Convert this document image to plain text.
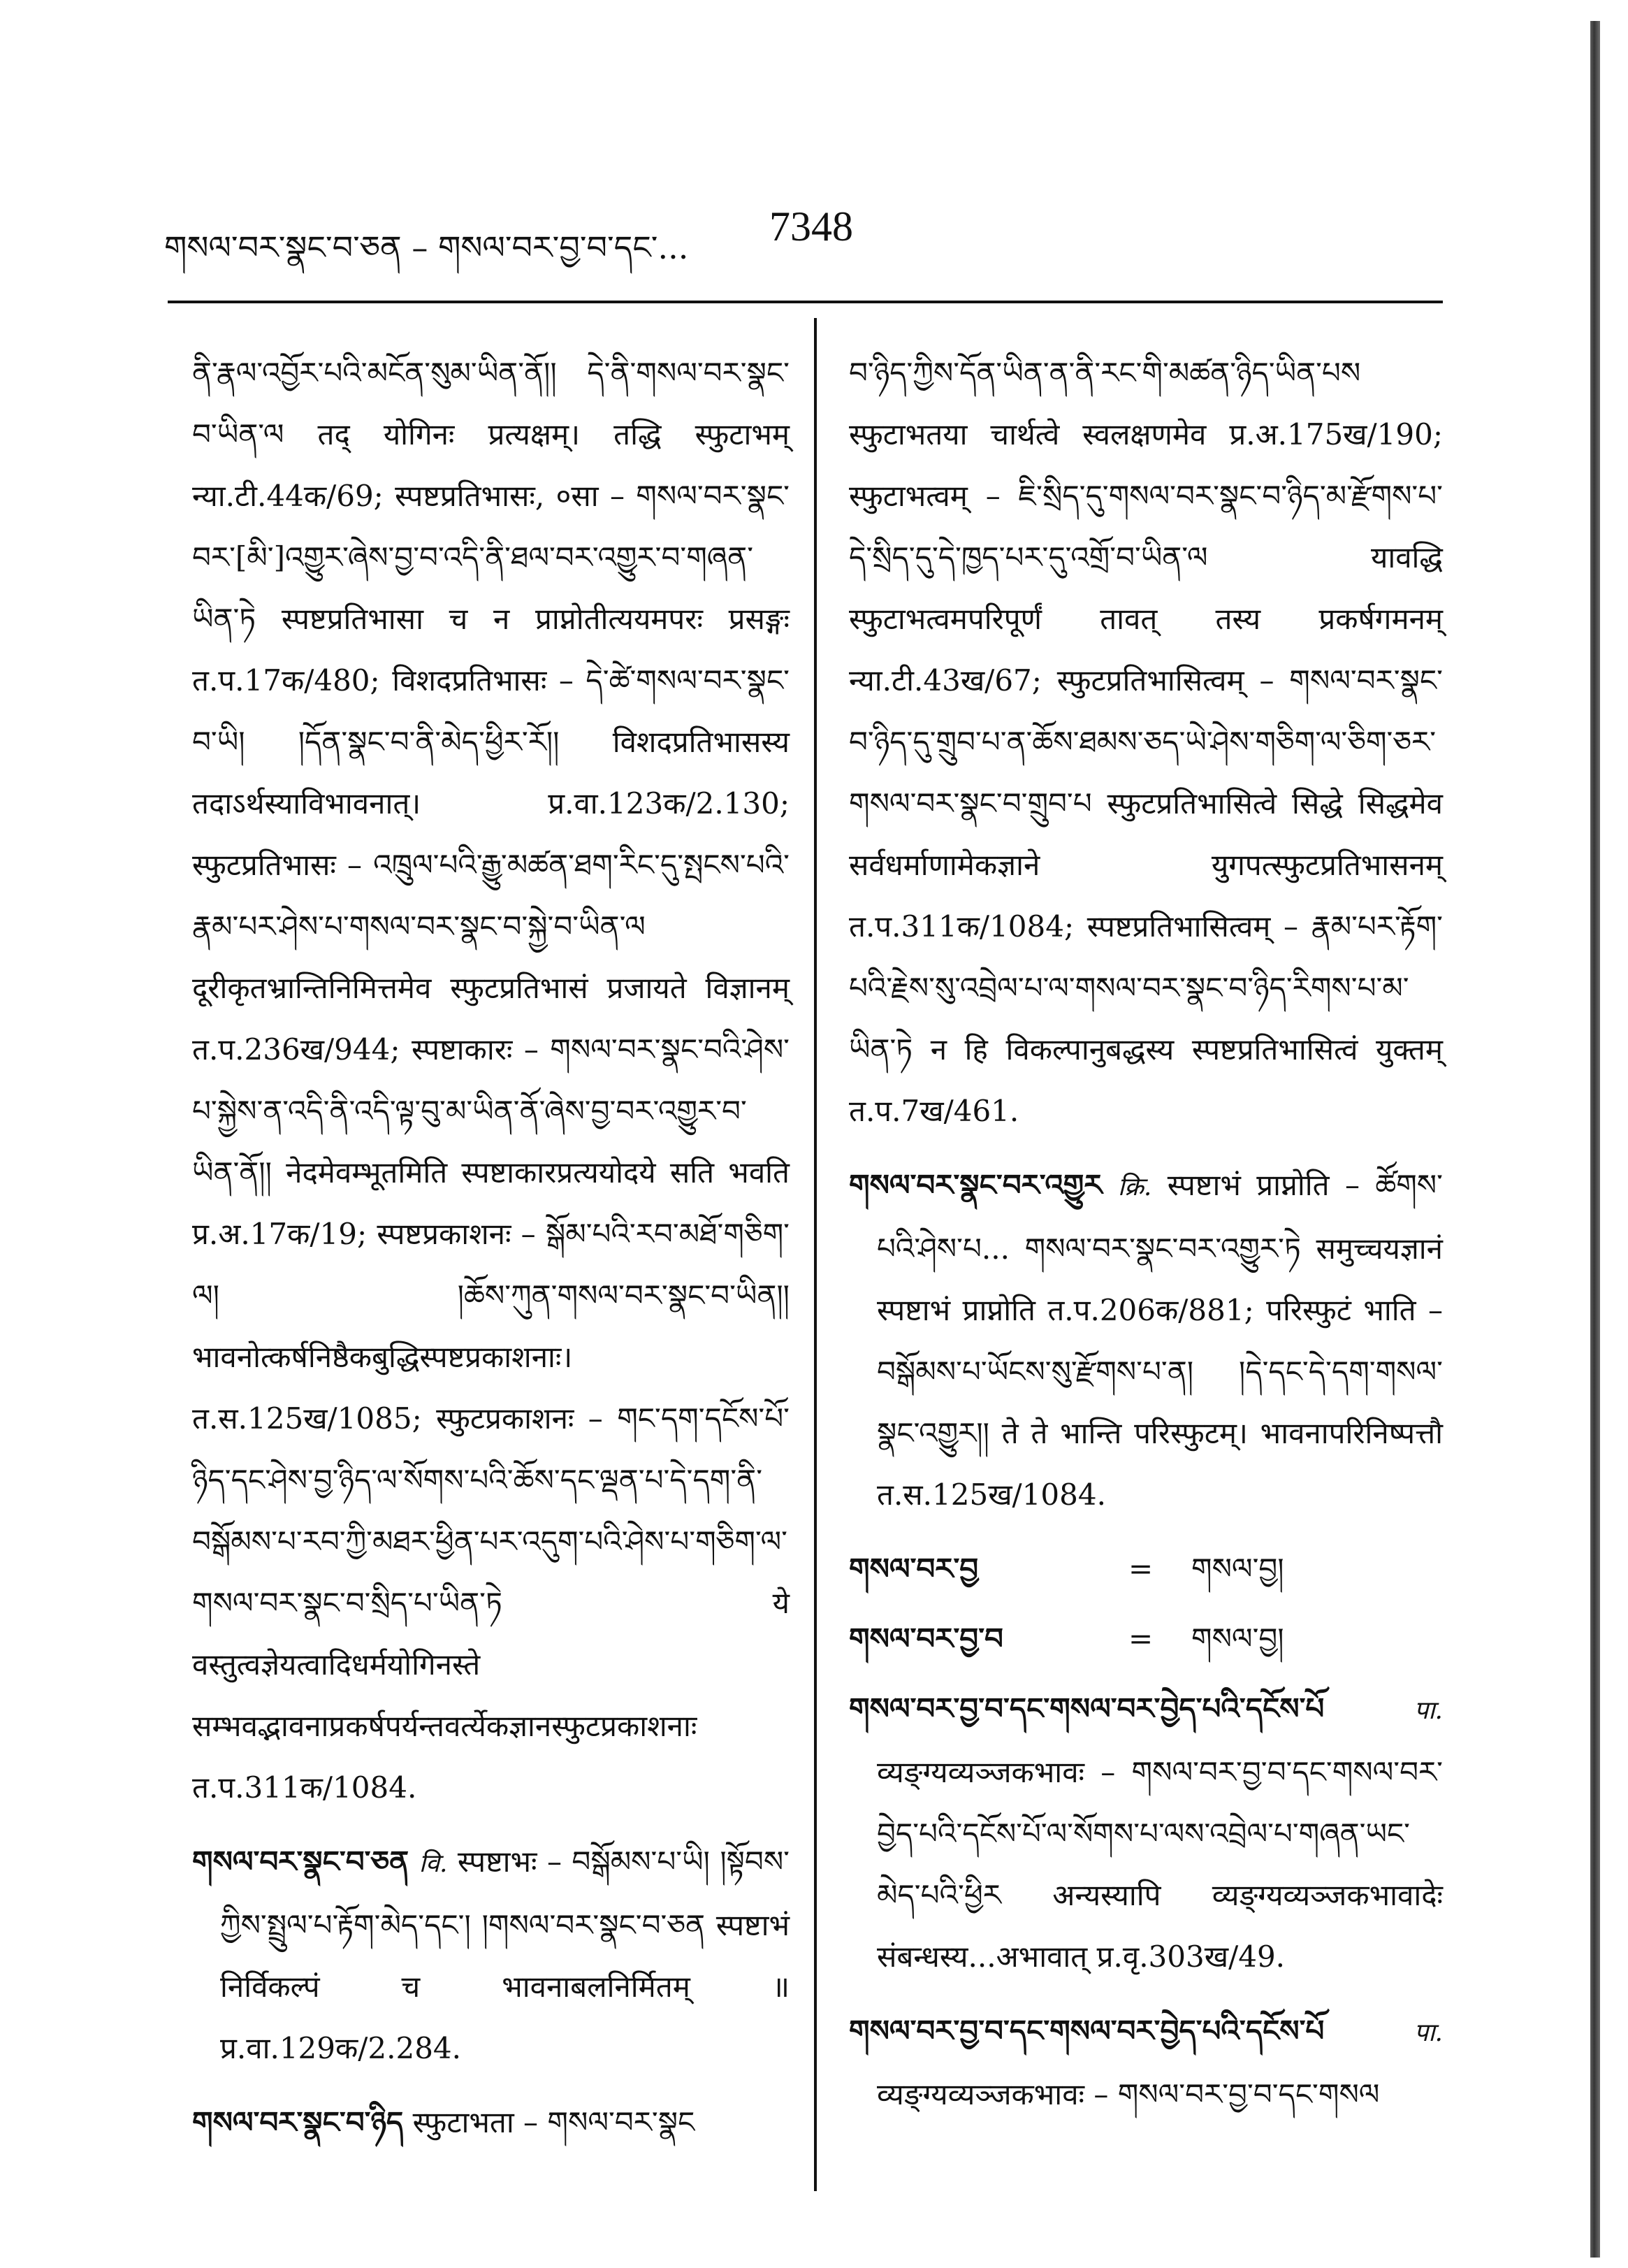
གསལ་བར་སྣང་བ་ཅན – གསལ་བར་བྱ་བ་དང་... 7348

ནི་རྣལ་འབྱོར་པའི་མངོན་སུམ་ཡིན་ནོ།། དེ་ནི་གསལ་བར་སྣང་བ་ཡིན་ལ तद् योगिनः प्रत्यक्षम्। तद्धि स्फुटाभम् न्या.टी.44क/69; स्पष्टप्रतिभासः, ०सा – གསལ་བར་སྣང་བར་[མི་]འགྱུར་ཞེས་བྱ་བ་འདི་ནི་ཐལ་བར་འགྱུར་བ་གཞན་ཡིན་ཏེ स्पष्टप्रतिभासा च न प्राप्नोतीत्ययमपरः प्रसङ्गः त.प.17क/480; विशदप्रतिभासः – དེ་ཚེ་གསལ་བར་སྣང་བ་ཡི། །དོན་སྣང་བ་ནི་མེད་ཕྱིར་རོ།། विशदप्रतिभासस्य तदाऽर्थस्याविभावनात्। प्र.वा.123क/2.130; स्फुटप्रतिभासः – འཁྲུལ་པའི་རྒྱུ་མཚན་ཐག་རིང་དུ་སྤངས་པའི་རྣམ་པར་ཤེས་པ་གསལ་བར་སྣང་བ་སྐྱེ་བ་ཡིན་ལ दूरीकृतभ्रान्तिनिमित्तमेव स्फुटप्रतिभासं प्रजायते विज्ञानम् त.प.236ख/944; स्पष्टाकारः – གསལ་བར་སྣང་བའི་ཤེས་པ་སྐྱེས་ན་འདི་ནི་འདི་ལྟ་བུ་མ་ཡིན་ནོ་ཞེས་བྱ་བར་འགྱུར་བ་ཡིན་ནོ།། नेदमेवम्भूतमिति स्पष्टाकारप्रत्ययोदये सति भवति प्र.अ.17क/19; स्पष्टप्रकाशनः – སྒོམ་པའི་རབ་མཐོ་གཅིག་ལ། །ཆོས་ཀུན་གསལ་བར་སྣང་བ་ཡིན།། भावनोत्कर्षनिष्ठैकबुद्धिस्पष्टप्रकाशनाः। त.स.125ख/1085; स्फुटप्रकाशनः – གང་དག་དངོས་པོ་ཉིད་དང་ཤེས་བྱ་ཉིད་ལ་སོགས་པའི་ཆོས་དང་ལྡན་པ་དེ་དག་ནི་བསྒོམས་པ་རབ་ཀྱི་མཐར་ཕྱིན་པར་འདུག་པའི་ཤེས་པ་གཅིག་ལ་གསལ་བར་སྣང་བ་སྲིད་པ་ཡིན་ཏེ ये वस्तुत्वज्ञेयत्वादिधर्मयोगिनस्ते सम्भवद्भावनाप्रकर्षपर्यन्तवर्त्येकज्ञानस्फुटप्रकाशनाः त.प.311क/1084.

གསལ་བར་སྣང་བ་ཅན वि. स्पष्टाभः – བསྒོམས་པ་ཡི། །སྟོབས་ཀྱིས་སྤྲུལ་པ་རྟོག་མེད་དང་། །གསལ་བར་སྣང་བ་ཅན स्पष्टाभं निर्विकल्पं च भावनाबलनिर्मितम् ॥ प्र.वा.129क/2.284.

གསལ་བར་སྣང་བ་ཉིད स्फुटाभता – གསལ་བར་སྣང

བ་ཉིད་ཀྱིས་དོན་ཡིན་ན་ནི་རང་གི་མཚན་ཉིད་ཡིན་པས स्फुटाभतया चार्थत्वे स्वलक्षणमेव प्र.अ.175ख/190; स्फुटाभत्वम् – ཇི་སྲིད་དུ་གསལ་བར་སྣང་བ་ཉིད་མ་རྫོགས་པ་དེ་སྲིད་དུ་དེ་ཁྱད་པར་དུ་འགྲོ་བ་ཡིན་ལ यावद्धि स्फुटाभत्वमपरिपूर्णं तावत् तस्य प्रकर्षगमनम् न्या.टी.43ख/67; स्फुटप्रतिभासित्वम् – གསལ་བར་སྣང་བ་ཉིད་དུ་གྲུབ་པ་ན་ཆོས་ཐམས་ཅད་ཡེ་ཤེས་གཅིག་ལ་ཅིག་ཅར་གསལ་བར་སྣང་བ་གྲུབ་པ स्फुटप्रतिभासित्वे सिद्धे सिद्धमेव सर्वधर्माणामेकज्ञाने युगपत्स्फुटप्रतिभासनम् त.प.311क/1084; स्पष्टप्रतिभासित्वम् – རྣམ་པར་རྟོག་པའི་རྗེས་སུ་འབྲེལ་པ་ལ་གསལ་བར་སྣང་བ་ཉིད་རིགས་པ་མ་ཡིན་ཏེ न हि विकल्पानुबद्धस्य स्पष्टप्रतिभासित्वं युक्तम् त.प.7ख/461.

གསལ་བར་སྣང་བར་འགྱུར क्रि. स्पष्टाभं प्राप्नोति – ཚོགས་པའི་ཤེས་པ... གསལ་བར་སྣང་བར་འགྱུར་ཏེ समुच्चयज्ञानं स्पष्टाभं प्राप्नोति त.प.206क/881; परिस्फुटं भाति – བསྒོམས་པ་ཡོངས་སུ་རྫོགས་པ་ན། །དེ་དང་དེ་དག་གསལ་སྣང་འགྱུར།། ते ते भान्ति परिस्फुटम्। भावनापरिनिष्पत्तौ त.स.125ख/1084.

གསལ་བར་བྱ	=	གསལ་བྱ།
གསལ་བར་བྱ་བ	=	གསལ་བྱ།

གསལ་བར་བྱ་བ་དང་གསལ་བར་བྱེད་པའི་དངོས་པོ	पा. व्यङ्ग्यव्यञ्जकभावः – གསལ་བར་བྱ་བ་དང་གསལ་བར་བྱེད་པའི་དངོས་པོ་ལ་སོགས་པ་ལས་འབྲེལ་པ་གཞན་ཡང་མེད་པའི་ཕྱིར अन्यस्यापि व्यङ्ग्यव्यञ्जकभावादेः संबन्धस्य...अभावात् प्र.वृ.303ख/49.

གསལ་བར་བྱ་བ་དང་གསལ་བར་བྱེད་པའི་དངོས་པོ	पा. व्यङ्ग्यव्यञ्जकभावः – གསལ་བར་བྱ་བ་དང་གསལ
